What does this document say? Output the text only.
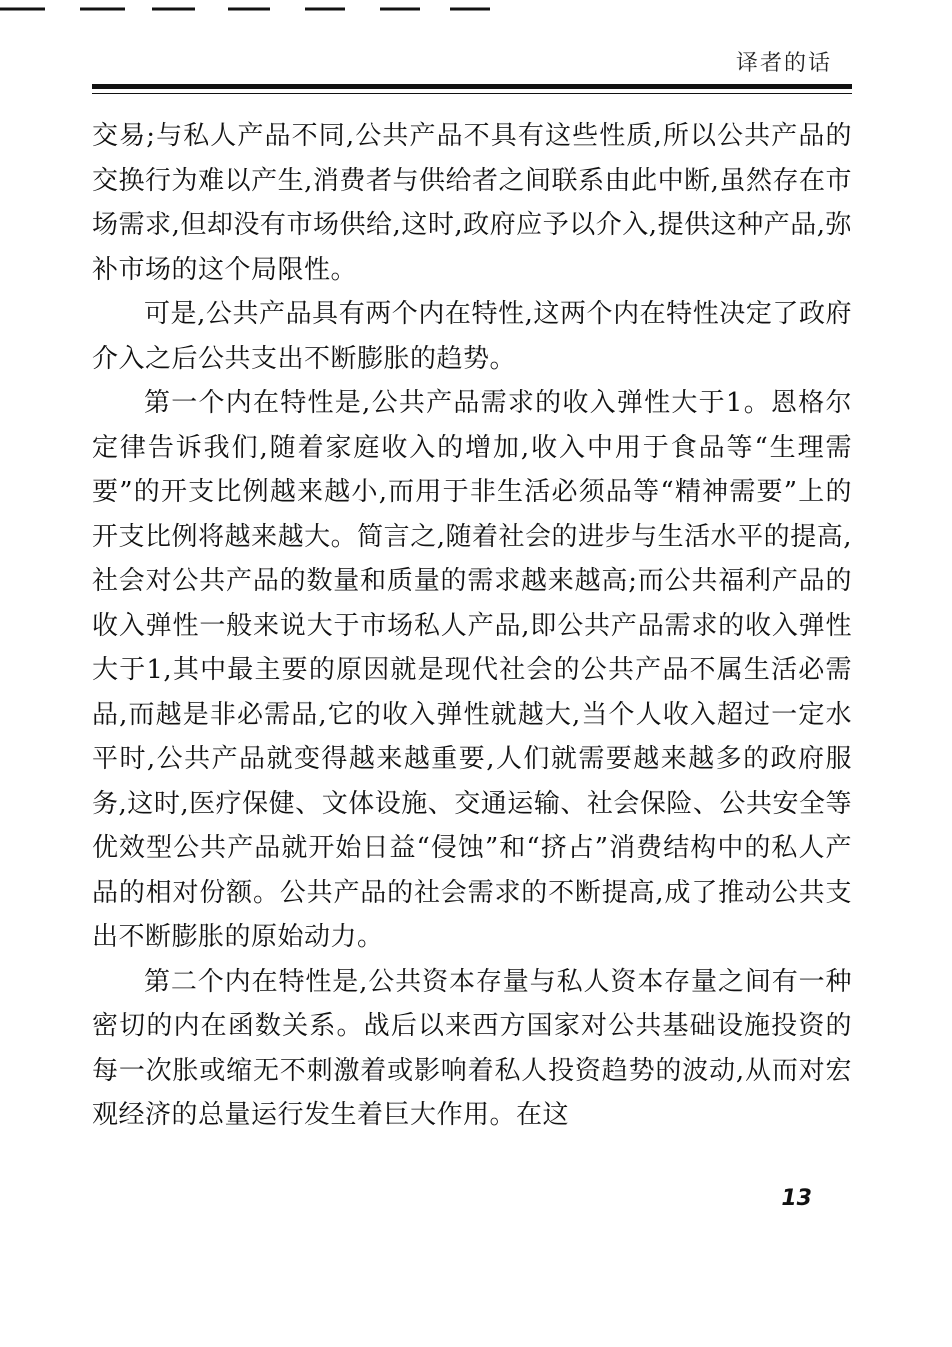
译者的话

交易;与私人产品不同,公共产品不具有这些性质,所以公共产品的交换行为难以产生,消费者与供给者之间联系由此中断,虽然存在市场需求,但却没有市场供给,这时,政府应予以介入,提供这种产品,弥补市场的这个局限性。

可是,公共产品具有两个内在特性,这两个内在特性决定了政府介入之后公共支出不断膨胀的趋势。

第一个内在特性是,公共产品需求的收入弹性大于1。恩格尔定律告诉我们,随着家庭收入的增加,收入中用于食品等“生理需要”的开支比例越来越小,而用于非生活必须品等“精神需要”上的开支比例将越来越大。简言之,随着社会的进步与生活水平的提高,社会对公共产品的数量和质量的需求越来越高;而公共福利产品的收入弹性一般来说大于市场私人产品,即公共产品需求的收入弹性大于1,其中最主要的原因就是现代社会的公共产品不属生活必需品,而越是非必需品,它的收入弹性就越大,当个人收入超过一定水平时,公共产品就变得越来越重要,人们就需要越来越多的政府服务,这时,医疗保健、文体设施、交通运输、社会保险、公共安全等优效型公共产品就开始日益“侵蚀”和“挤占”消费结构中的私人产品的相对份额。公共产品的社会需求的不断提高,成了推动公共支出不断膨胀的原始动力。

第二个内在特性是,公共资本存量与私人资本存量之间有一种密切的内在函数关系。战后以来西方国家对公共基础设施投资的每一次胀或缩无不刺激着或影响着私人投资趋势的波动,从而对宏观经济的总量运行发生着巨大作用。在这

13
